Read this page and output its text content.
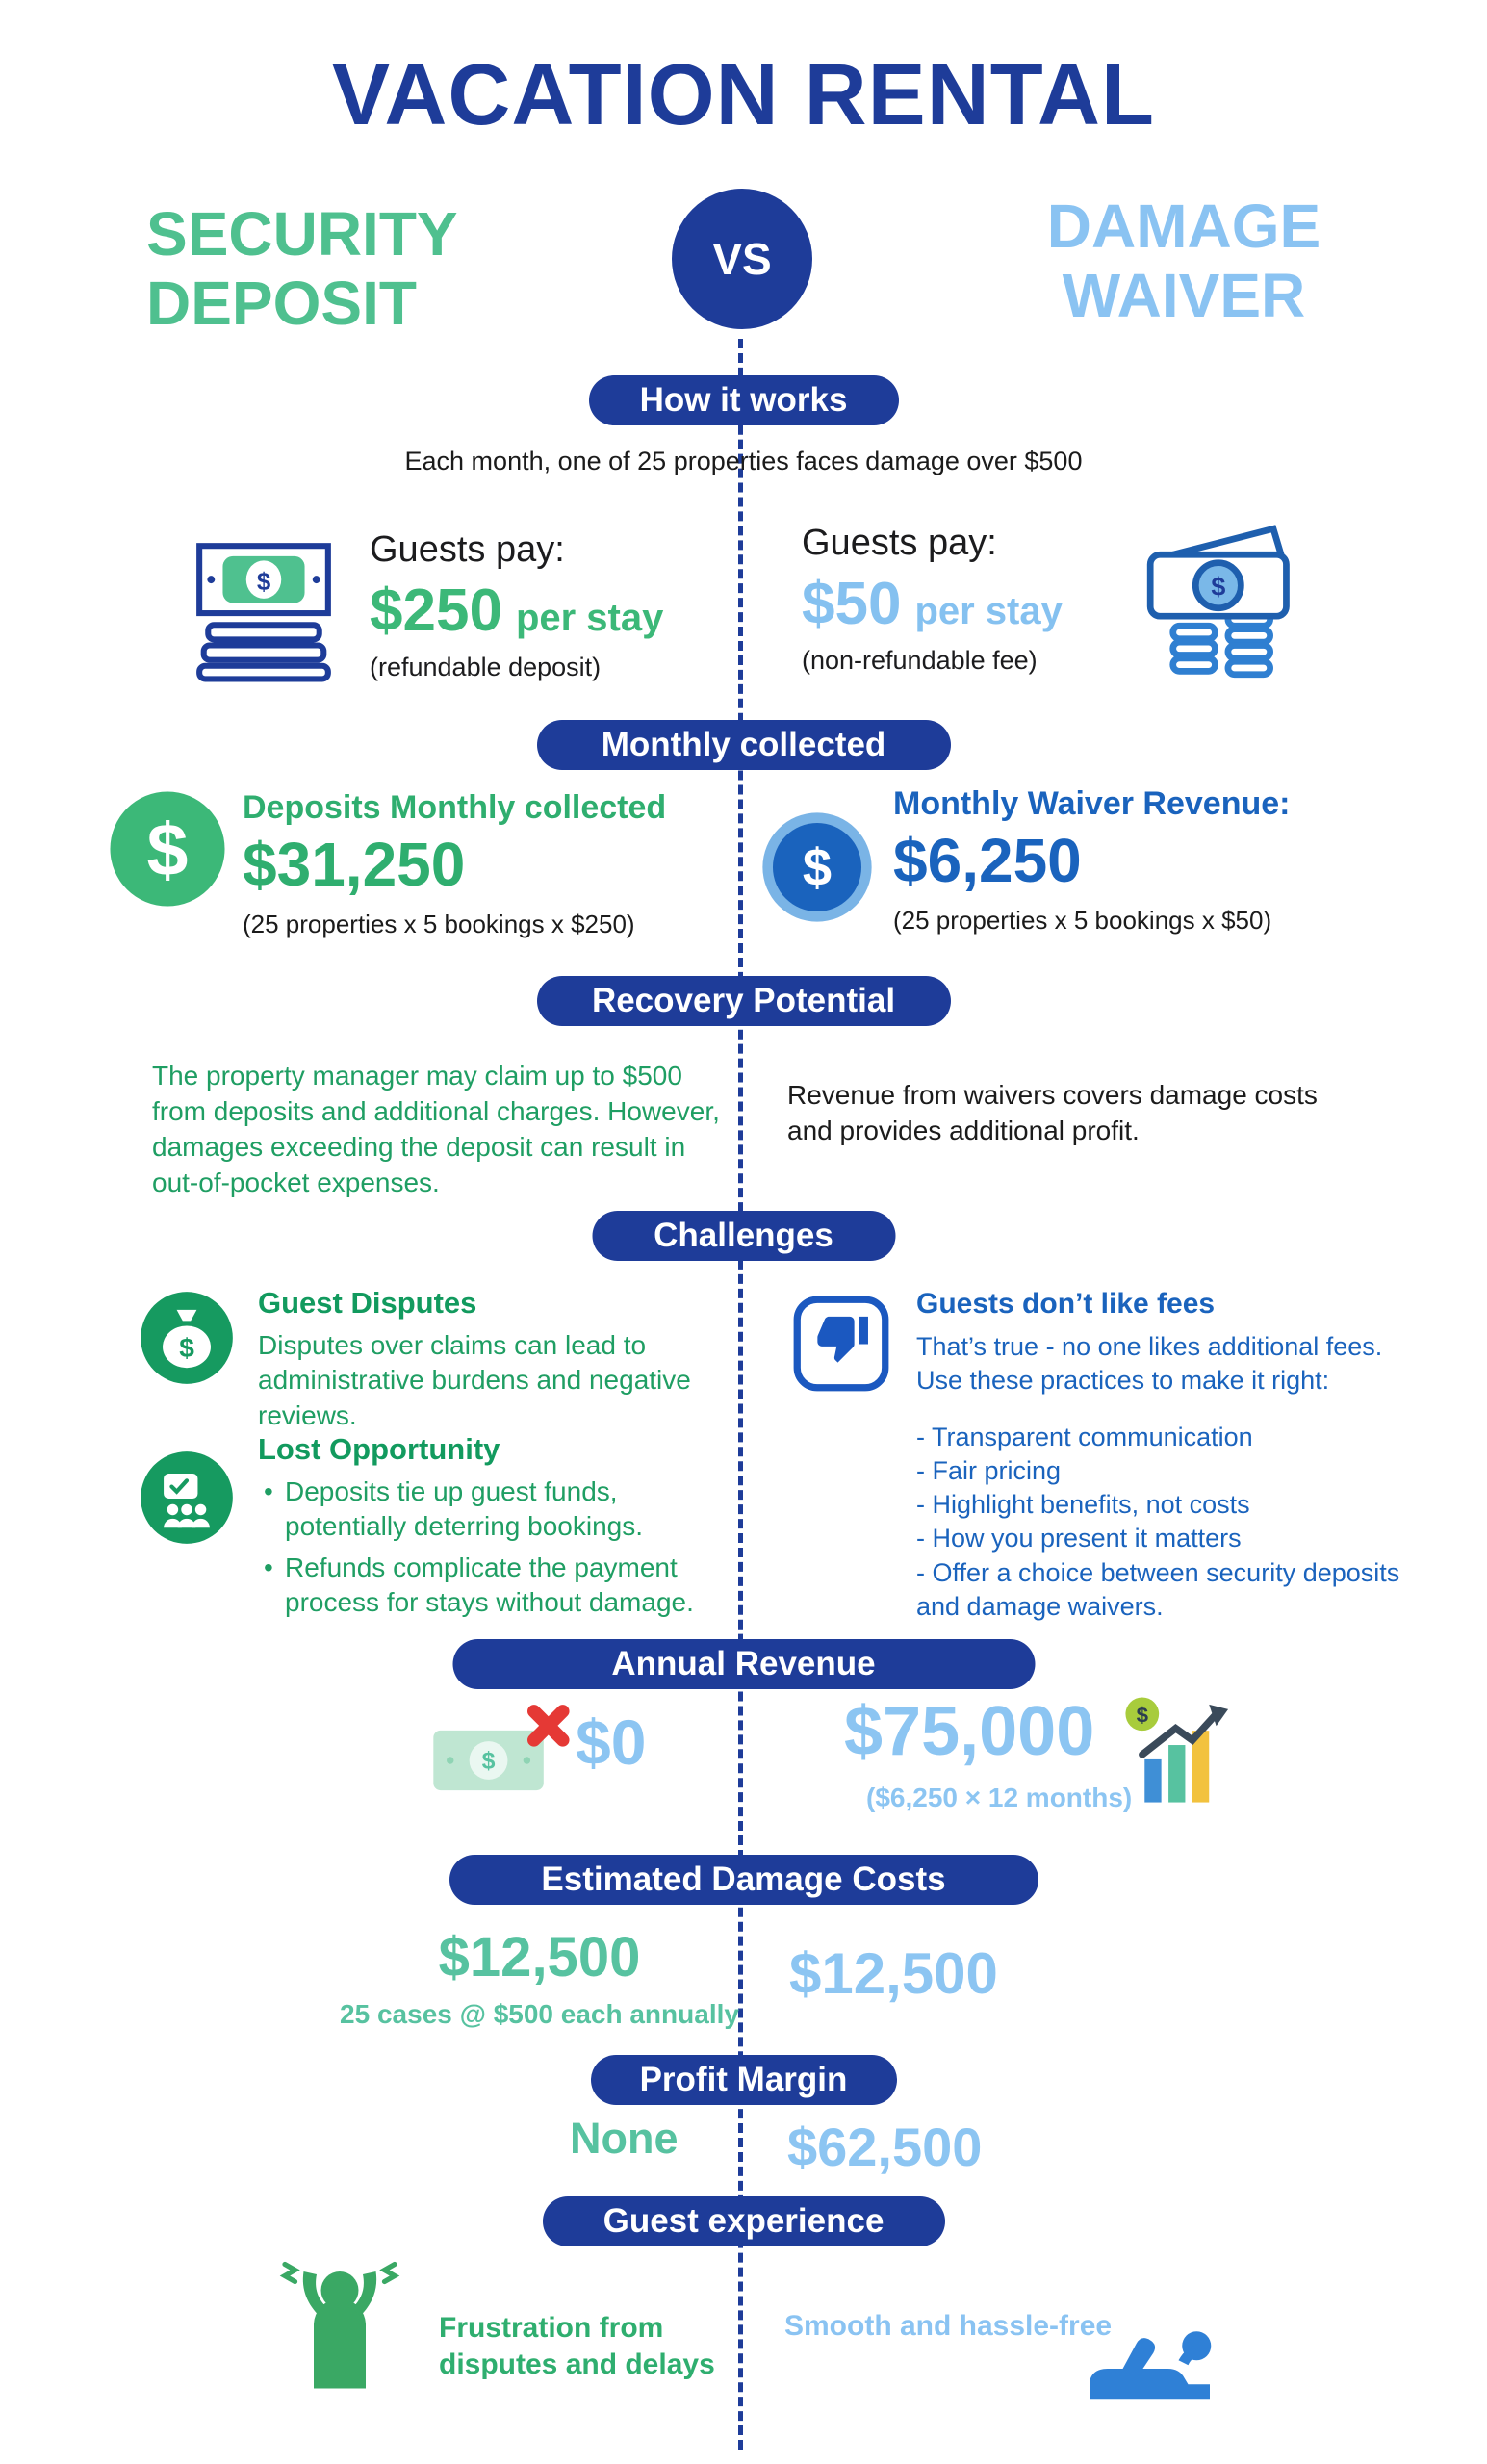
VACATION RENTAL
SECURITY
DEPOSIT
VS	DAMAGE
WAIVER
How it works
Monthly collected
Recovery Potential
Challenges
Annual Revenue
Estimated Damage Costs
Profit Margin
Guest experience
Each month, one of 25 properties faces damage over $500
$
Guests pay:
$250 per stay
(refundable deposit)
Guests pay:
$50 per stay
(non-refundable fee)
$
$
Deposits Monthly collected
$31,250
(25 properties x 5 bookings x $250)
$
Monthly Waiver Revenue:
$6,250
(25 properties x 5 bookings x $50)
The property manager may claim up to $500 from deposits and additional charges. However, damages exceeding the deposit can result in out-of-pocket expenses.
Revenue from waivers covers damage costs and provides additional profit.
$
Guest Disputes
Disputes over claims can lead to administrative burdens and negative reviews.
Lost Opportunity
• Deposits tie up guest funds, potentially deterring bookings.
• Refunds complicate the payment process for stays without damage.
Guests don’t like fees
That’s true - no one likes additional fees. Use these practices to make it right:
- Transparent communication
- Fair pricing
- Highlight benefits, not costs
- How you present it matters
- Offer a choice between security deposits and damage waivers.
$ $0	$75,000
($6,250 × 12 months)
$
$12,500
25 cases @ $500 each annually
$12,500
None $62,500
Frustration from disputes and delays
Smooth and hassle-free
